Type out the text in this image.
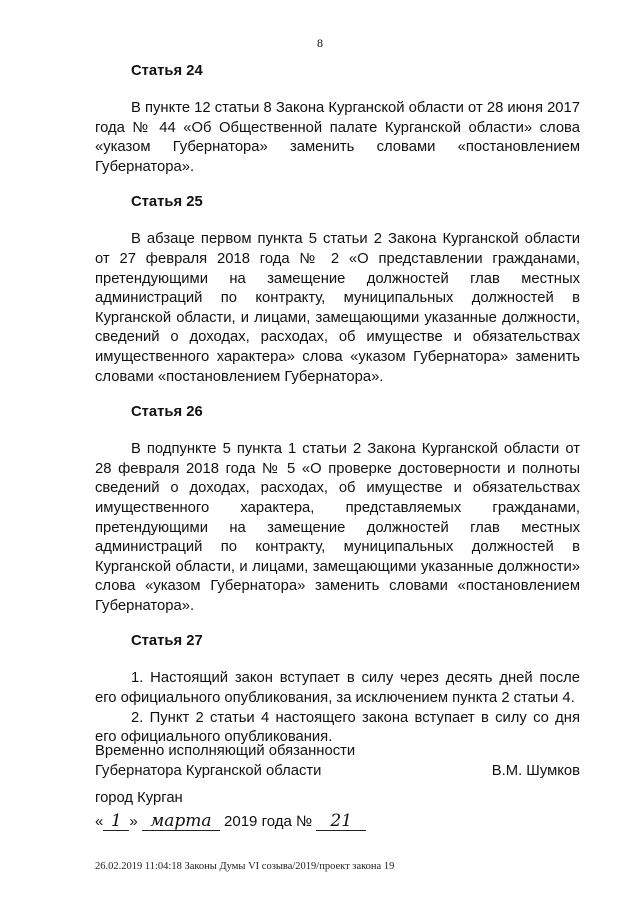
8
Статья 24

В пункте 12 статьи 8 Закона Курганской области от 28 июня 2017 года № 44 «Об Общественной палате Курганской области» слова «указом Губернатора» заменить словами «постановлением Губернатора».

Статья 25

В абзаце первом пункта 5 статьи 2 Закона Курганской области от 27 февраля 2018 года № 2 «О представлении гражданами, претендующими на замещение должностей глав местных администраций по контракту, муниципальных должностей в Курганской области, и лицами, замещающими указанные должности, сведений о доходах, расходах, об имуществе и обязательствах имущественного характера» слова «указом Губернатора» заменить словами «постановлением Губернатора».

Статья 26

В подпункте 5 пункта 1 статьи 2 Закона Курганской области от 28 февраля 2018 года № 5 «О проверке достоверности и полноты сведений о доходах, расходах, об имуществе и обязательствах имущественного характера, представляемых гражданами, претендующими на замещение должностей глав местных администраций по контракту, муниципальных должностей в Курганской области, и лицами, замещающими указанные должности» слова «указом Губернатора» заменить словами «постановлением Губернатора».

Статья 27

1. Настоящий закон вступает в силу через десять дней после его официального опубликования, за исключением пункта 2 статьи 4.

2. Пункт 2 статьи 4 настоящего закона вступает в силу со дня его официального опубликования.

Временно исполняющий обязанности
Губернатора Курганской области	В.М. Шумков
город Курган
« 1 » марта 2019 года № 21
26.02.2019 11:04:18 Законы Думы VI созыва/2019/проект закона 19
